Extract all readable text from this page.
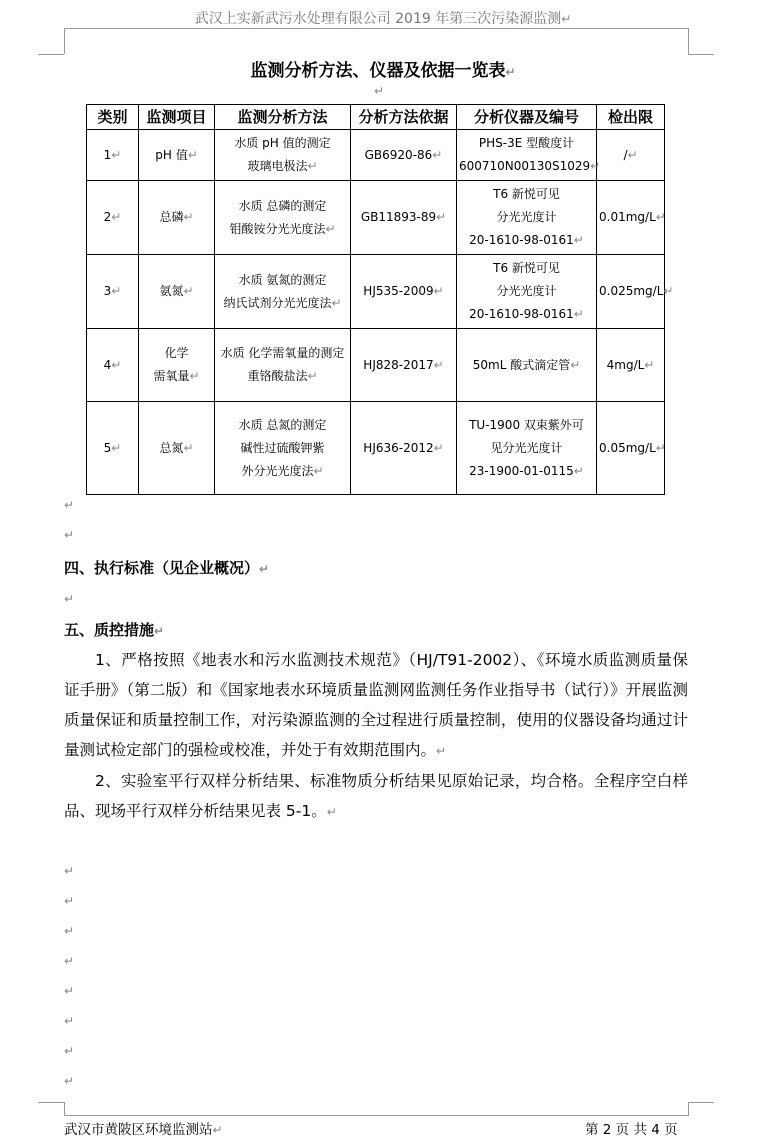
武汉上实新武污水处理有限公司 2019 年第三次污染源监测↵
监测分析方法、仪器及依据一览表↵
↵
类别	监测项目	监测分析方法	分析方法依据	分析仪器及编号	检出限
1↵	pH 值↵	水质 pH 值的测定
玻璃电极法↵	GB6920-86↵	PHS-3E 型酸度计
600710N00130S1029↵	/↵
2↵	总磷↵	水质 总磷的测定
钼酸铵分光光度法↵	GB11893-89↵	T6 新悦可见
分光光度计
20-1610-98-0161↵	0.01mg/L↵
3↵	氨氮↵	水质 氨氮的测定
纳氏试剂分光光度法↵	HJ535-2009↵	T6 新悦可见
分光光度计
20-1610-98-0161↵	0.025mg/L↵
4↵	化学
需氧量↵	水质 化学需氧量的测定
重铬酸盐法↵	HJ828-2017↵	50mL 酸式滴定管↵	4mg/L↵
5↵	总氮↵	水质 总氮的测定
碱性过硫酸钾紫
外分光光度法↵	HJ636-2012↵	TU-1900 双束紫外可
见分光光度计
23-1900-01-0115↵	0.05mg/L↵
↵
↵
四、执行标准（见企业概况）↵
↵
五、质控措施↵

1、严格按照《地表水和污水监测技术规范》（HJ/T91-2002）、《环境水质监测质量保证手册》（第二版）和《国家地表水环境质量监测网监测任务作业指导书（试行）》开展监测质量保证和质量控制工作，对污染源监测的全过程进行质量控制，使用的仪器设备均通过计量测试检定部门的强检或校准，并处于有效期范围内。↵

2、实验室平行双样分析结果、标准物质分析结果见原始记录，均合格。全程序空白样品、现场平行双样分析结果见表 5-1。↵

↵
↵
↵
↵
↵
↵
↵
↵
武汉市黄陂区环境监测站↵	第 2 页 共 4 页
